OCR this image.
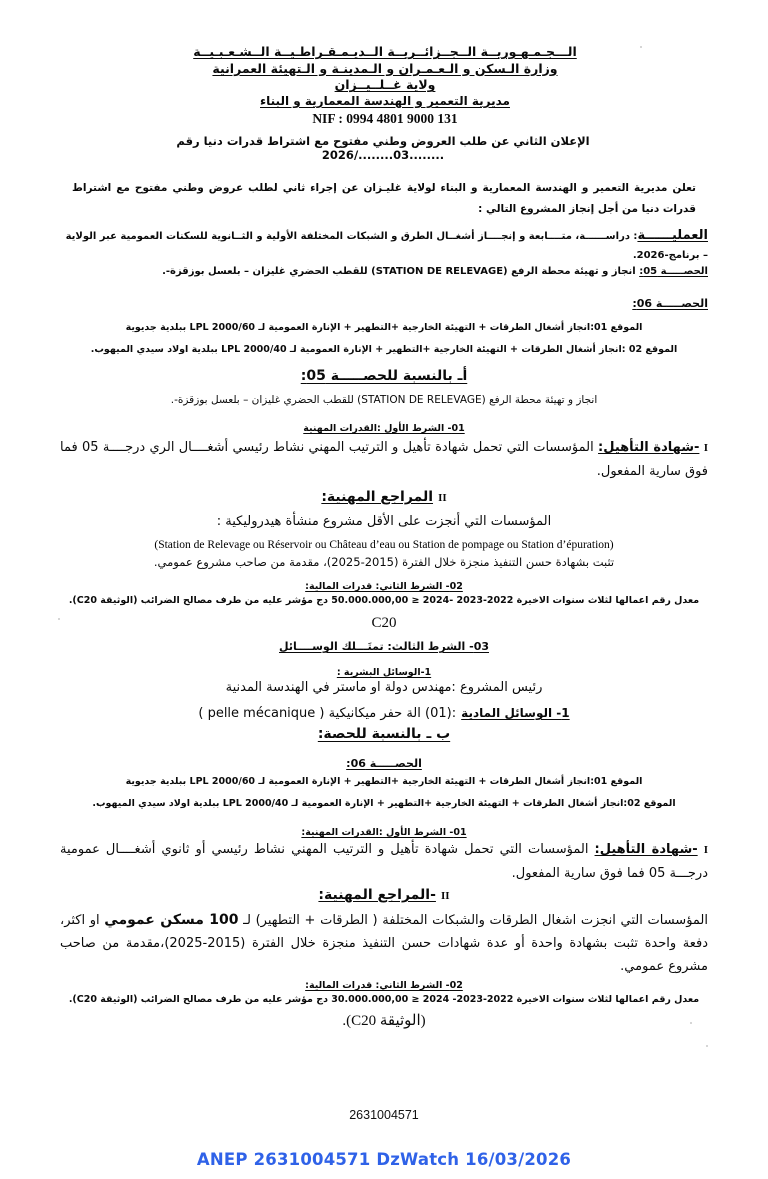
الـــجـمـهـوريــة الــجــزائــريــة الــديـمـقـراطـيــة الــشـعـبـيــة
وزارة الـسكن و الـعـمـران و الـمدينـة و الـتهيئة العمرانية
ولاية غــلــيــزان
مديرية التعمير و الهندسة المعمارية و البناء
NIF : 0994 4801 9000 131
الإعلان الثاني عن طلب العروض وطني مفتوح مع اشتراط قدرات دنيا رقم ........03......../2026
تعلن مديرية التعمير و الهندسة المعمارية و البناء لولاية غليـزان عن إجراء ثاني لطلب عروض وطني مفتوح مع اشتراط قدرات دنيا من أجل إنجاز المشروع التالي :
العمليــــــة: دراســــــة، متــــابعة و إنجــــاز أشغــال الطرق و الشبكات المختلفة الأولية و الثــانوية للسكنات العمومية عبر الولاية – برنامج-2026.
الحصـــــة 05: انجاز و تهيئة محطة الرفع (STATION DE RELEVAGE) للقطب الحضري غليزان – بلعسل بوزقزة-.
الحصـــــة 06:
الموقع 01:انجاز أشغال الطرقات + التهيئة الخارجية +التطهير + الإنارة العمومية لـ LPL 2000/60 ببلدية جديوية
الموقع 02 :انجاز أشغال الطرقات + التهيئة الخارجية +التطهير + الإنارة العمومية لـ LPL 2000/40 ببلدية اولاد سيدي الميهوب.
أـ بالنسبة للحصـــــة 05:
انجاز و تهيئة محطة الرفع (STATION DE RELEVAGE) للقطب الحضري غليزان – بلعسل بوزقزة-.
01- الشرط الأول :القدرات المهنية
I -شهادة التأهيل: المؤسسات التي تحمل شهادة تأهيل و الترتيب المهني نشاط رئيسي أشغــــال الري درجــــة 05 فما فوق سارية المفعول.
II المراجع المهنية:
المؤسسات التي أنجزت على الأقل مشروع منشأة هيدروليكية :
(Station de Relevage ou Réservoir ou Château d’eau ou Station de pompage ou Station d’épuration)
تثبت بشهادة حسن التنفيذ منجزة خلال الفترة (2015-2025)، مقدمة من صاحب مشروع عمومي.
02- الشرط الثاني: قدرات المالية:
معدل رقم اعمالها لثلاث سنوات الاخيرة 2022-2023 -2024 ≤ 50.000.000,00 دج مؤشر عليه من طرف مصالح الضرائب (الوثيقة C20).
C20
03- الشرط الثالث: تمتَـــلك الوســــائل
1-الوسائل البشرية :
رئيس المشروع :مهندس دولة او ماستر في الهندسة المدنية
1- الوسائل المادية :(01) الة حفر ميكانيكية ( pelle mécanique )
ب ـ بالنسبة للحصة:
الحصـــــة 06:
الموقع 01:انجاز أشغال الطرقات + التهيئة الخارجية +التطهير + الإنارة العمومية لـ LPL 2000/60 ببلدية جديوية
الموقع 02:انجاز أشغال الطرقات + التهيئة الخارجية +التطهير + الإنارة العمومية لـ LPL 2000/40 ببلدية اولاد سيدي الميهوب.
01- الشرط الأول :القدرات المهنية:
I -شهادة التأهيل: المؤسسات التي تحمل شهادة تأهيل و الترتيب المهني نشاط رئيسي أو ثانوي أشغــــال عمومية درجـــة 05 فما فوق سارية المفعول.
II -المراجع المهنية:
المؤسسات التي انجزت اشغال الطرقات والشبكات المختلفة ( الطرقات + التطهير) لـ 100 مسكن عمومي او اكثر، دفعة واحدة تثبت بشهادة واحدة أو عدة شهادات حسن التنفيذ منجزة خلال الفترة (2015-2025)،مقدمة من صاحب مشروع عمومي.
02- الشرط الثاني: قدرات المالية:
معدل رقم اعمالها لثلاث سنوات الاخيرة 2022-2023- 2024 ≤ 30.000.000,00 دج مؤشر عليه من طرف مصالح الضرائب (الوثيقة C20).
(الوثيقة C20).
2631004571
ANEP 2631004571 DzWatch 16/03/2026
